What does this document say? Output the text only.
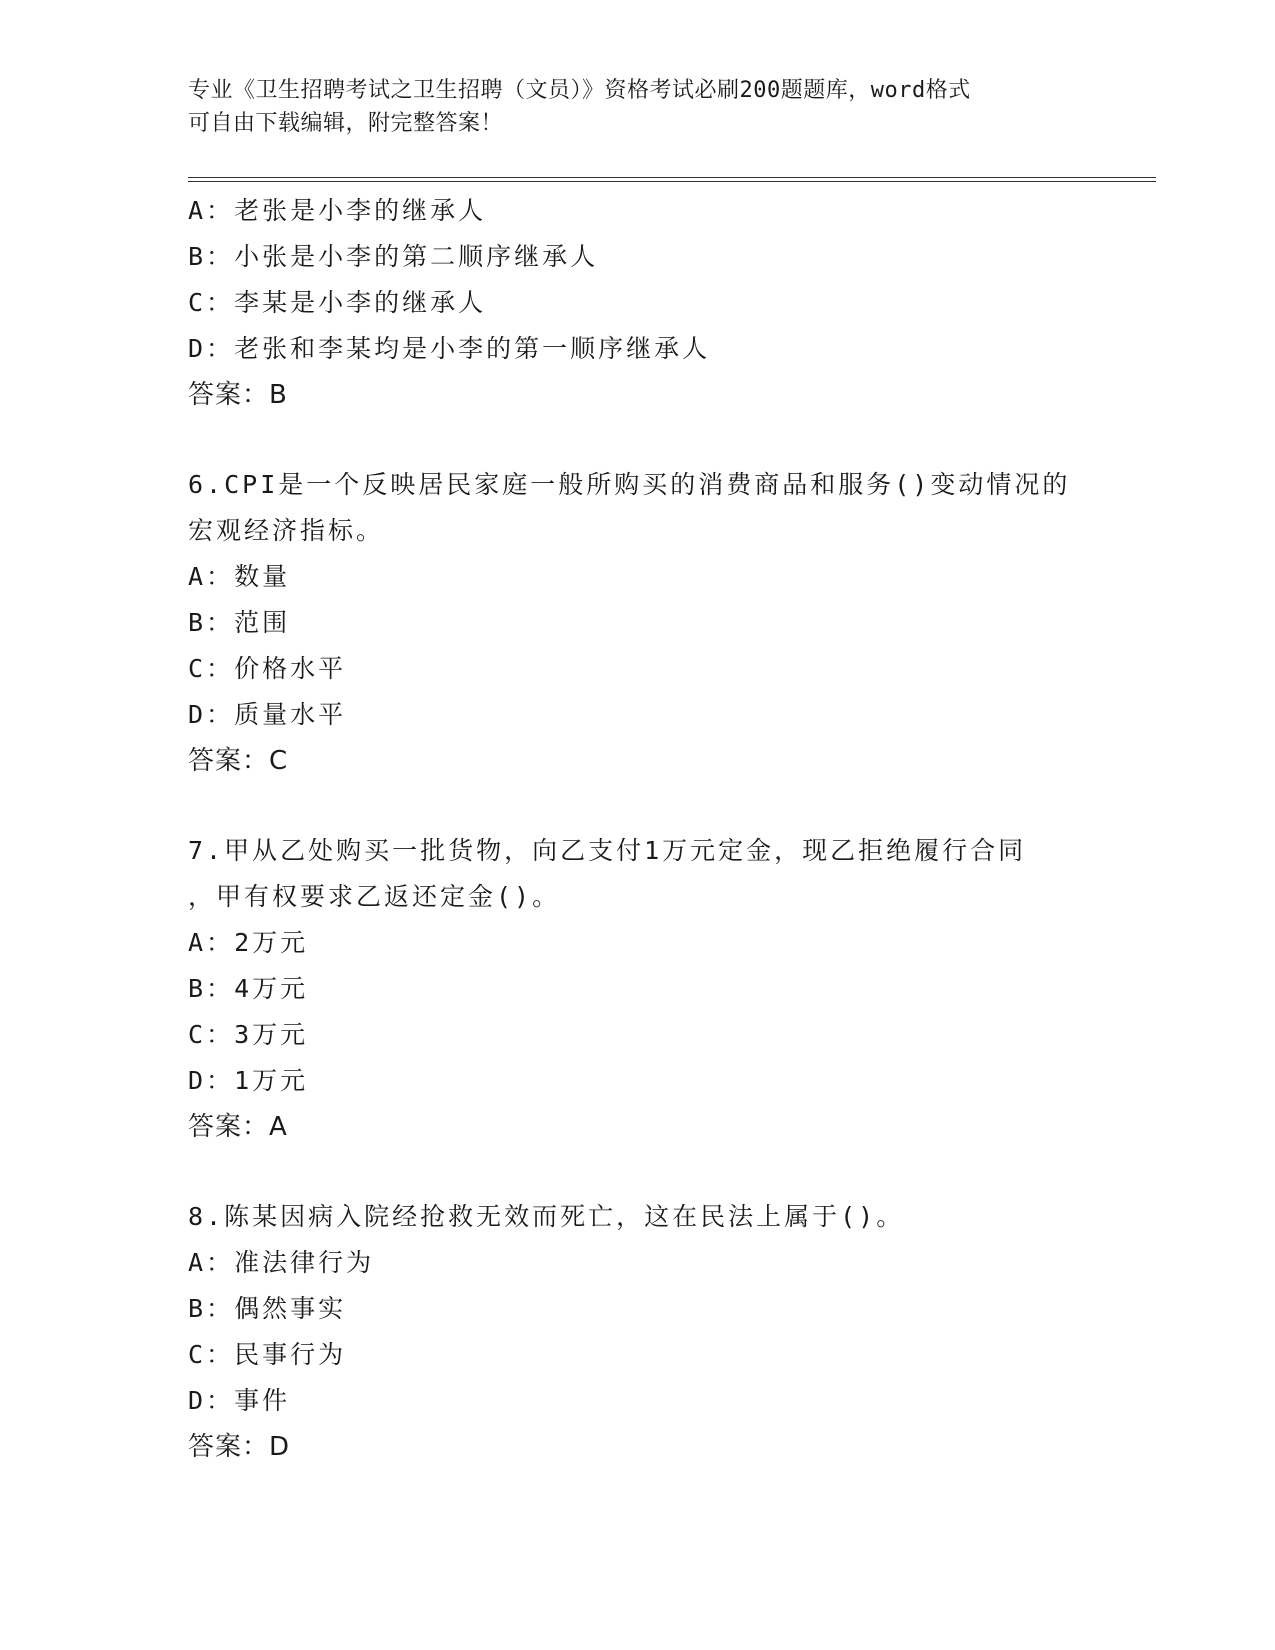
专业《卫生招聘考试之卫生招聘（文员）》资格考试必刷200题题库，word格式
可自由下载编辑，附完整答案！
A：老张是小李的继承人
B：小张是小李的第二顺序继承人
C：李某是小李的继承人
D：老张和李某均是小李的第一顺序继承人
答案：B
6.CPI是一个反映居民家庭一般所购买的消费商品和服务()变动情况的
宏观经济指标。
A：数量
B：范围
C：价格水平
D：质量水平
答案：C
7.甲从乙处购买一批货物，向乙支付1万元定金，现乙拒绝履行合同
，甲有权要求乙返还定金()。
A：2万元
B：4万元
C：3万元
D：1万元
答案：A
8.陈某因病入院经抢救无效而死亡，这在民法上属于()。
A：准法律行为
B：偶然事实
C：民事行为
D：事件
答案：D
